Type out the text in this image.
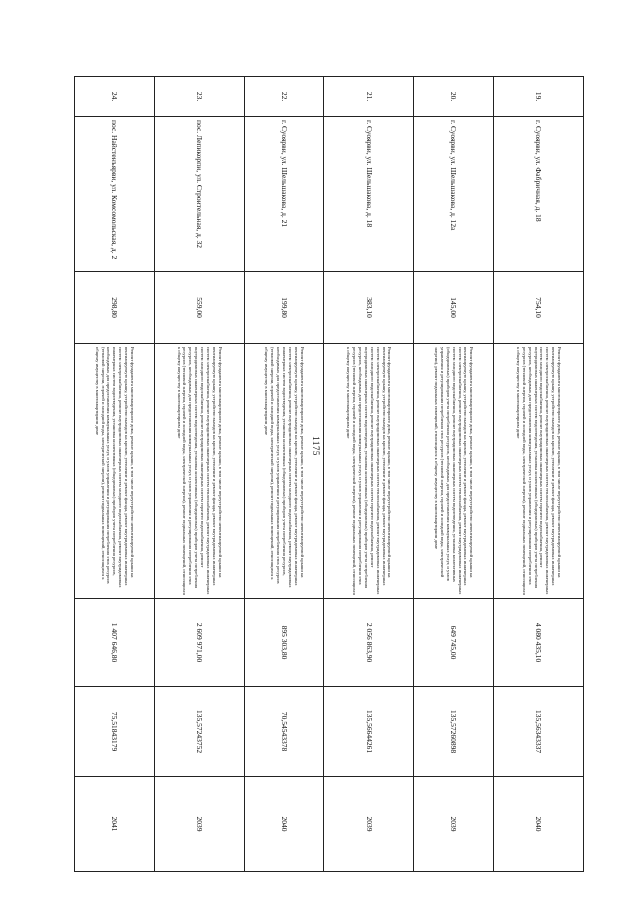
1175
19.	г. Суоярви, ул. Фабричная, д. 18	754,10	Ремонт фундамента многоквартирного дома, ремонт крыши, в том числе переустройство невентилируемой крыши на вентилируемую крышу, устройство выходов на кровлю, утепление и ремонт фасада, ремонт внутридомовых инженерных систем электроснабжения, ремонт внутридомовых инженерных систем теплоснабжения, ремонт внутридомовых инженерных систем холодного водоснабжения, ремонт внутридомовых инженерных систем горячего водоснабжения, ремонт внутридомовых инженерных систем водоотведения, установка коллективных (общедомовых) приборов учета потребления ресурсов, необходимых для предоставления коммунальных услуг, и узлов управления и регулирования потребления этих ресурсов (тепловой энергии, горячей и холодной воды, электрической энергии), ремонт подвальных помещений, относящихся к общему имуществу в многоквартирном доме	4 080 435,10	135,56343337	2040
20.	г. Суоярви, ул. Шельшакова, д. 12а	145,00	Ремонт фундамента многоквартирного дома, ремонт крыши, в том числе переустройство невентилируемой крыши на вентилируемую крышу, устройство выходов на кровлю, утепление и ремонт фасада, ремонт внутридомовых инженерных систем электроснабжения, ремонт внутридомовых инженерных систем теплоснабжения, ремонт внутридомовых инженерных систем холодного водоснабжения, ремонт внутридомовых инженерных систем водоотведения, установка коллективных (общедомовых) приборов учета потребления ресурсов, необходимых для предоставления коммунальных услуг, и узлов управления и регулирования потребления этих ресурсов (тепловой энергии, горячей и холодной воды, электрической энергии), ремонт подвальных помещений, относящихся к общему имуществу в многоквартирном доме	649 745,00	135,57260898	2039
21.	г. Суоярви, ул. Шельшакова, д. 18	383,10	Ремонт фундамента многоквартирного дома, ремонт крыши, в том числе переустройство невентилируемой крыши на вентилируемую крышу, устройство выходов на кровлю, утепление и ремонт фасада, ремонт внутридомовых инженерных систем электроснабжения, ремонт внутридомовых инженерных систем теплоснабжения, ремонт внутридомовых инженерных систем холодного водоснабжения, ремонт внутридомовых инженерных систем горячего водоснабжения, ремонт внутридомовых инженерных систем водоотведения, установка коллективных (общедомовых) приборов учета потребления ресурсов, необходимых для предоставления коммунальных услуг, и узлов управления и регулирования потребления этих ресурсов (тепловой энергии, горячей и холодной воды, электрической энергии), ремонт подвальных помещений, относящихся к общему имуществу в многоквартирном доме	2 056 863,90	135,56644261	2039
22.	г. Суоярви, ул. Шельшакова, д. 21	199,80	Ремонт фундамента многоквартирного дома, ремонт крыши, в том числе переустройство невентилируемой крыши на вентилируемую крышу, устройство выходов на кровлю, утепление и ремонт фасада, ремонт внутридомовых инженерных систем электроснабжения, ремонт внутридомовых инженерных систем холодного водоснабжения, ремонт внутридомовых инженерных систем водоотведения, установка коллективных (общедомовых) приборов учета потребления ресурсов, необходимых для предоставления коммунальных услуг, и узлов управления и регулирования потребления этих ресурсов (тепловой энергии, горячей и холодной воды, электрической энергии), ремонт подвальных помещений, относящихся к общему имуществу в многоквартирном доме	895 303,80	70,54543378	2040
23.	пос. Лепикорпи, ул. Строительная, д. 32	559,00	Ремонт фундамента многоквартирного дома, ремонт крыши, в том числе переустройство невентилируемой крыши на вентилируемую крышу, устройство выходов на кровлю, утепление и ремонт фасада, ремонт внутридомовых инженерных систем электроснабжения, ремонт внутридомовых инженерных систем теплоснабжения, ремонт внутридомовых инженерных систем холодного водоснабжения, ремонт внутридомовых инженерных систем горячего водоснабжения, ремонт внутридомовых инженерных систем водоотведения, установка коллективных (общедомовых) приборов учета потребления ресурсов, необходимых для предоставления коммунальных услуг, и узлов управления и регулирования потребления этих ресурсов (тепловой энергии, горячей и холодной воды, электрической энергии), ремонт подвальных помещений, относящихся к общему имуществу в многоквартирном доме	2 609 971,00	135,57243752	2039
24.	пос. Найстенъярви, ул. Комсомольская, д. 2	298,80	Ремонт фундамента многоквартирного дома, ремонт крыши, в том числе переустройство невентилируемой крыши на вентилируемую крышу, устройство выходов на кровлю, утепление и ремонт фасада, ремонт внутридомовых инженерных систем электроснабжения, ремонт внутридомовых инженерных систем холодного водоснабжения, ремонт внутридомовых инженерных систем водоотведения, установка коллективных (общедомовых) приборов учета потребления ресурсов, необходимых для предоставления коммунальных услуг, и узлов управления и регулирования потребления этих ресурсов (тепловой энергии, горячей и холодной воды, электрической энергии), ремонт подвальных помещений, относящихся к общему имуществу в многоквартирном доме	1 407 646,80	75,51843179	2041
